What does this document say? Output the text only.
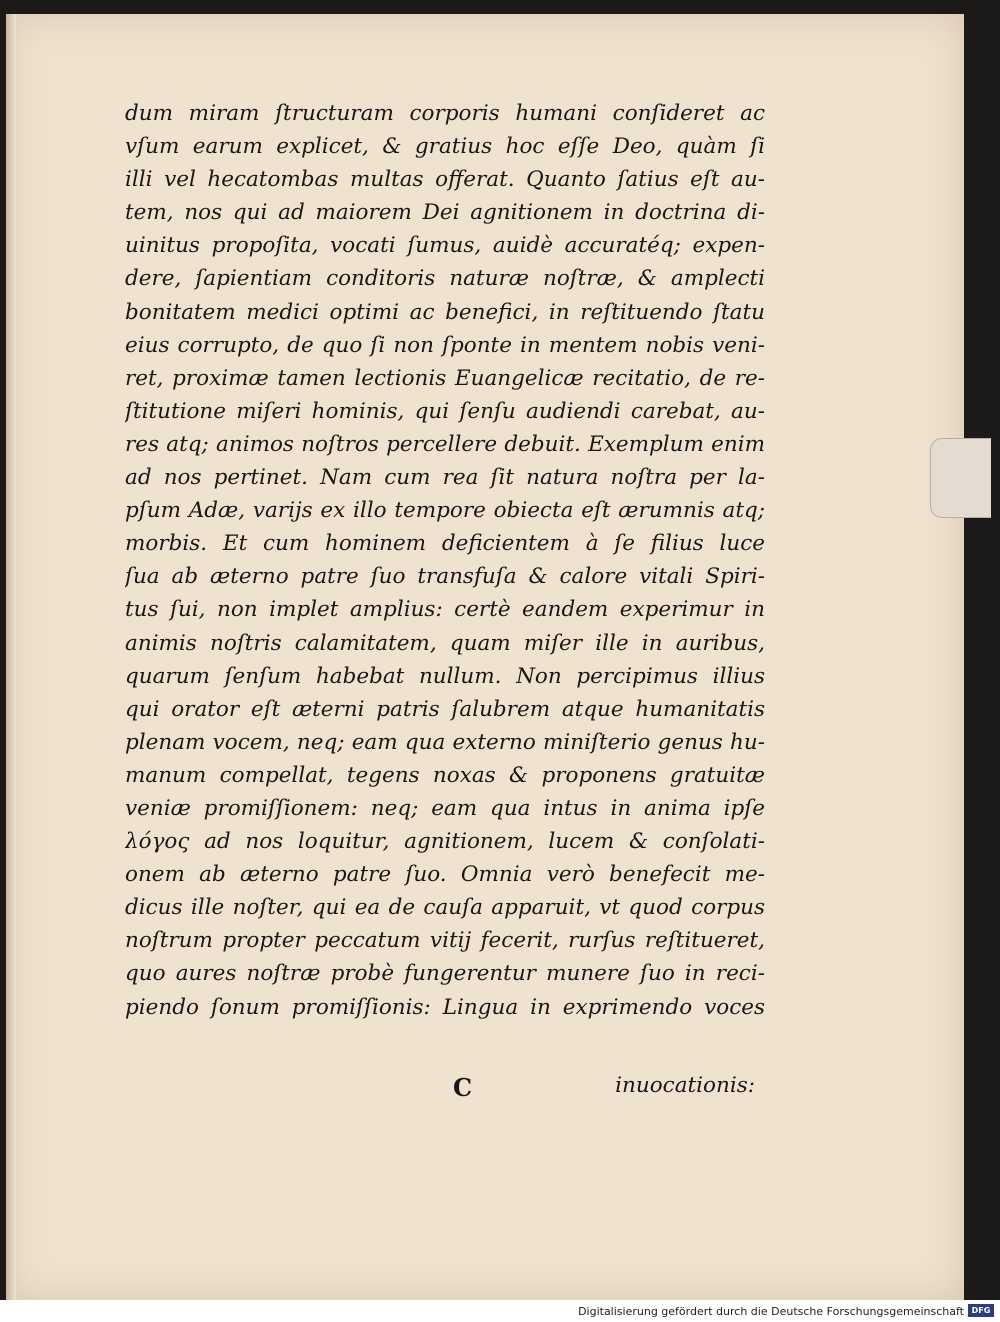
dum miram ſtructuram corporis humani conſideret ac
vſum earum explicet, & gratius hoc eſſe Deo, quàm ſi
illi vel hecatombas multas offerat. Quanto ſatius eſt au-
tem, nos qui ad maiorem Dei agnitionem in doctrina di-
uinitus propoſita, vocati ſumus, auidè accuratéq; expen-
dere, ſapientiam conditoris naturæ noſtræ, & amplecti
bonitatem medici optimi ac benefici, in reſtituendo ſtatu
eius corrupto, de quo ſi non ſponte in mentem nobis veni-
ret, proximæ tamen lectionis Euangelicæ recitatio, de re-
ſtitutione miſeri hominis, qui ſenſu audiendi carebat, au-
res atq; animos noſtros percellere debuit. Exemplum enim
ad nos pertinet. Nam cum rea ſit natura noſtra per la-
pſum Adæ, varijs ex illo tempore obiecta eſt ærumnis atq;
morbis. Et cum hominem deficientem à ſe filius luce
ſua ab æterno patre ſuo transfuſa & calore vitali Spiri-
tus ſui, non implet amplius: certè eandem experimur in
animis noſtris calamitatem, quam miſer ille in auribus,
quarum ſenſum habebat nullum. Non percipimus illius
qui orator eſt æterni patris ſalubrem atque humanitatis
plenam vocem, neq; eam qua externo miniſterio genus hu-
manum compellat, tegens noxas & proponens gratuitæ
veniæ promiſſionem: neq; eam qua intus in anima ipſe
λόγος ad nos loquitur, agnitionem, lucem & conſolati-
onem ab æterno patre ſuo. Omnia verò benefecit me-
dicus ille noſter, qui ea de cauſa apparuit, vt quod corpus
noſtrum propter peccatum vitij fecerit, rurſus reſtitueret,
quo aures noſtræ probè fungerentur munere ſuo in reci-
piendo ſonum promiſſionis: Lingua in exprimendo voces
C	inuocationis:
Digitalisierung gefördert durch die Deutsche Forschungsgemeinschaft DFG
